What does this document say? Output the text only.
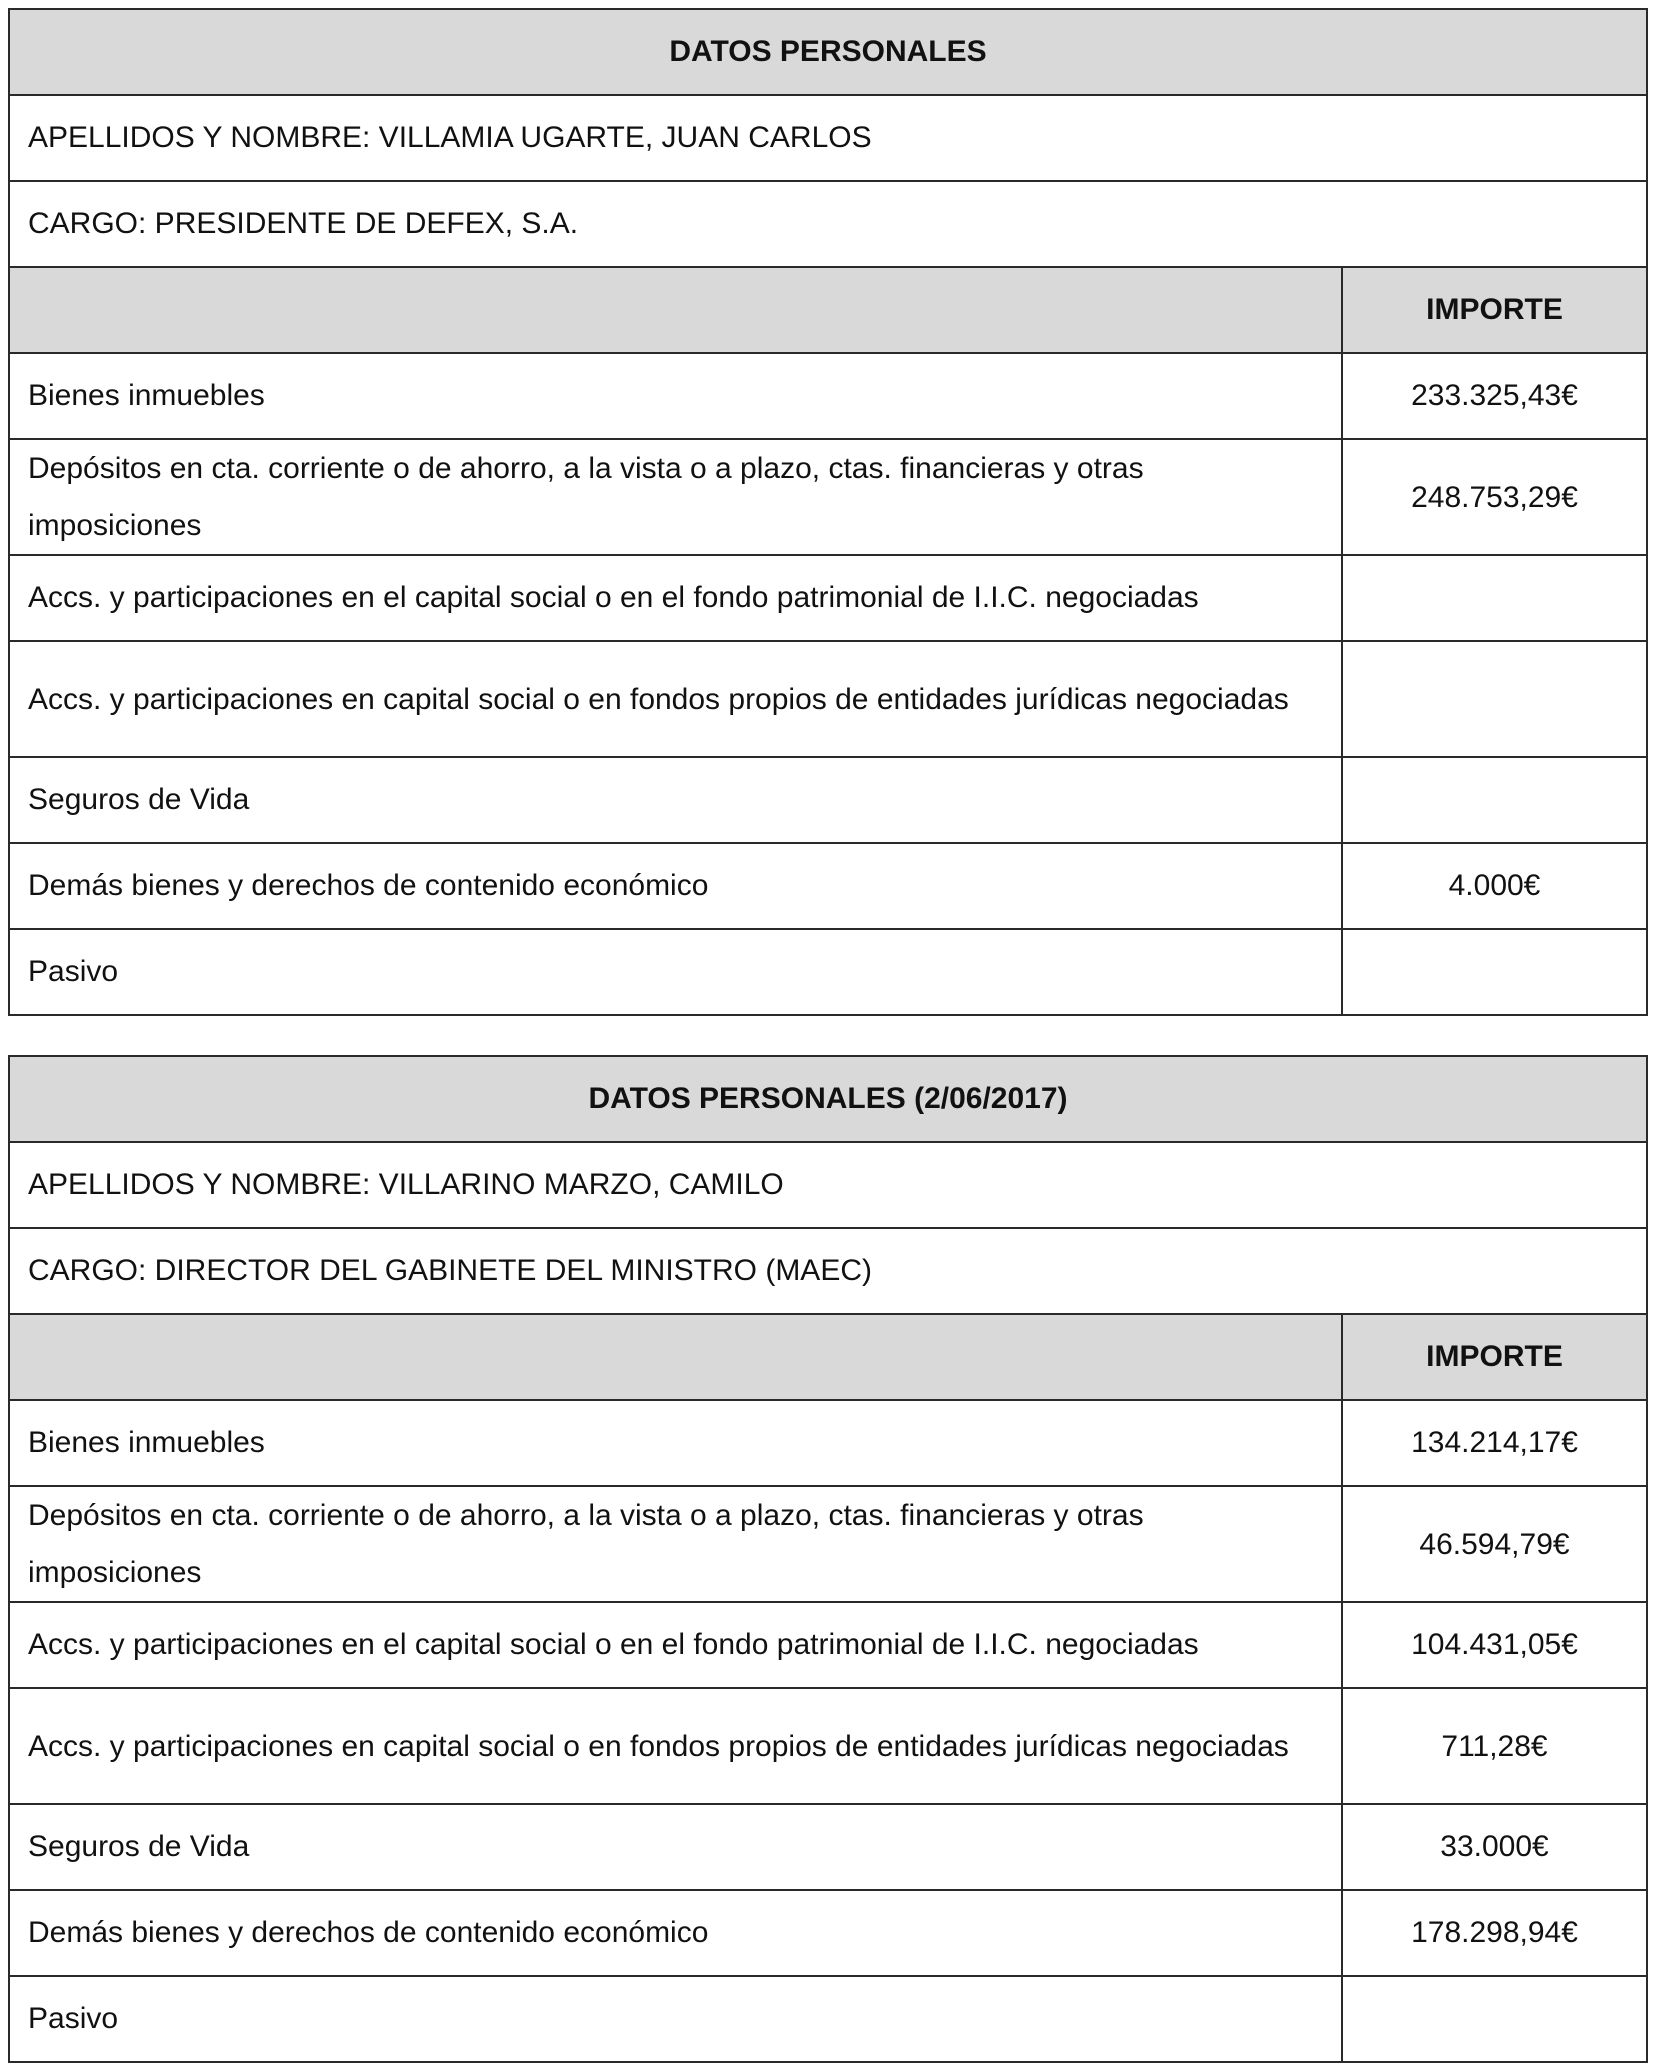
DATOS PERSONALES	
APELLIDOS Y NOMBRE: VILLAMIA UGARTE, JUAN CARLOS	
CARGO: PRESIDENTE DE DEFEX, S.A.	
	IMPORTE
Bienes inmuebles	233.325,43€
Depósitos en cta. corriente o de ahorro, a la vista o a plazo, ctas. financieras y otras imposiciones	248.753,29€
Accs. y participaciones en el capital social o en el fondo patrimonial de I.I.C. negociadas	
Accs. y participaciones en capital social o en fondos propios de entidades jurídicas negociadas	
Seguros de Vida	
Demás bienes y derechos de contenido económico	4.000€
Pasivo	
DATOS PERSONALES (2/06/2017)	
APELLIDOS Y NOMBRE: VILLARINO MARZO, CAMILO	
CARGO: DIRECTOR DEL GABINETE DEL MINISTRO (MAEC)	
	IMPORTE
Bienes inmuebles	134.214,17€
Depósitos en cta. corriente o de ahorro, a la vista o a plazo, ctas. financieras y otras imposiciones	46.594,79€
Accs. y participaciones en el capital social o en el fondo patrimonial de I.I.C. negociadas	104.431,05€
Accs. y participaciones en capital social o en fondos propios de entidades jurídicas negociadas	711,28€
Seguros de Vida	33.000€
Demás bienes y derechos de contenido económico	178.298,94€
Pasivo	
